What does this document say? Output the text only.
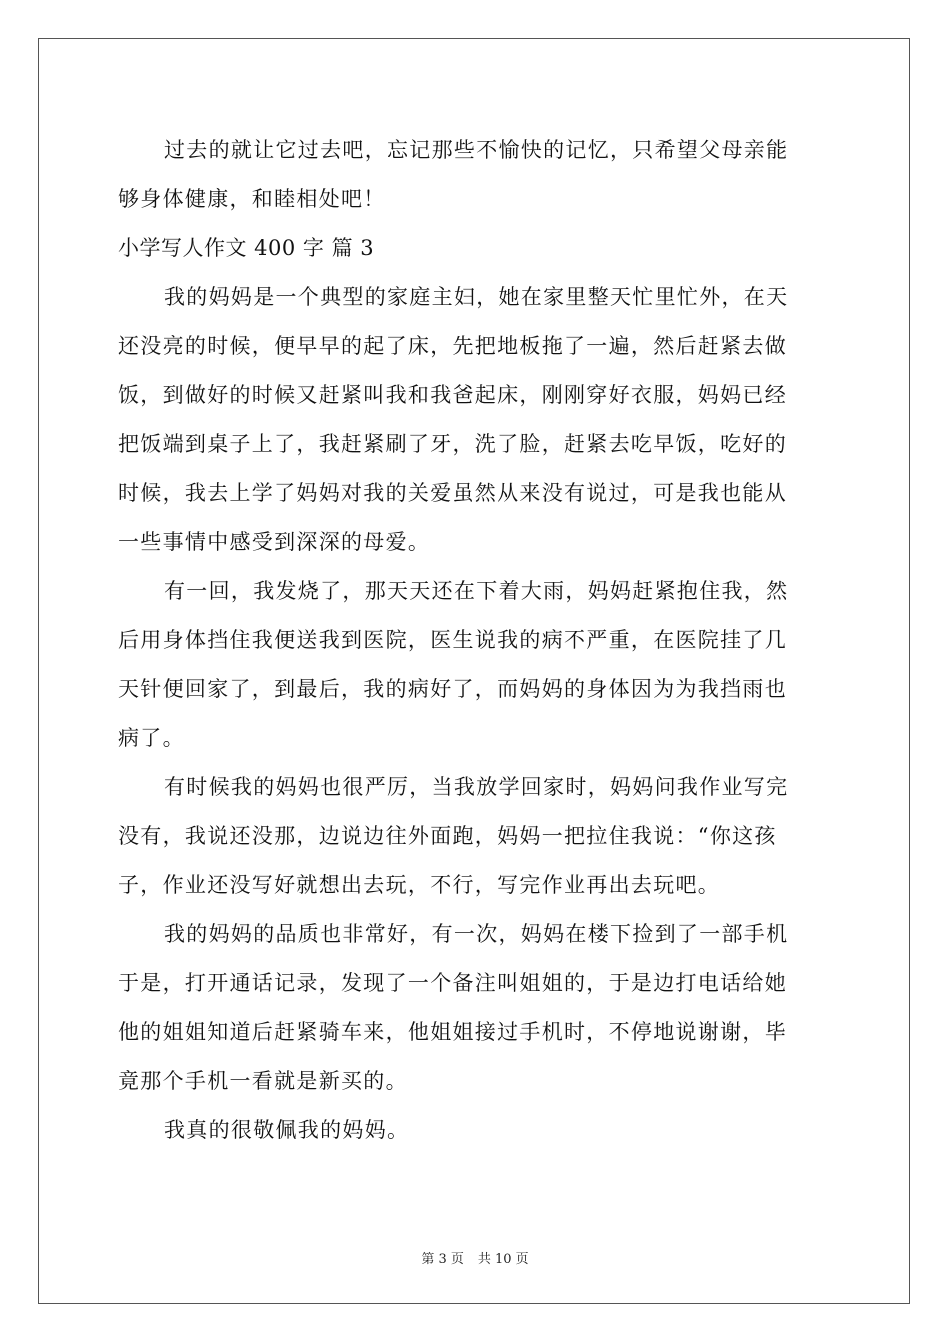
过去的就让它过去吧，忘记那些不愉快的记忆，只希望父母亲能
够身体健康，和睦相处吧！
小学写人作文 400 字 篇 3
我的妈妈是一个典型的家庭主妇，她在家里整天忙里忙外，在天
还没亮的时候，便早早的起了床，先把地板拖了一遍，然后赶紧去做
饭，到做好的时候又赶紧叫我和我爸起床，刚刚穿好衣服，妈妈已经
把饭端到桌子上了，我赶紧刷了牙，洗了脸，赶紧去吃早饭，吃好的
时候，我去上学了妈妈对我的关爱虽然从来没有说过，可是我也能从
一些事情中感受到深深的母爱。
有一回，我发烧了，那天天还在下着大雨，妈妈赶紧抱住我，然
后用身体挡住我便送我到医院，医生说我的病不严重，在医院挂了几
天针便回家了，到最后，我的病好了，而妈妈的身体因为为我挡雨也
病了。
有时候我的妈妈也很严厉，当我放学回家时，妈妈问我作业写完
没有，我说还没那，边说边往外面跑，妈妈一把拉住我说：“你这孩
子，作业还没写好就想出去玩，不行，写完作业再出去玩吧。
我的妈妈的品质也非常好，有一次，妈妈在楼下捡到了一部手机
于是，打开通话记录，发现了一个备注叫姐姐的，于是边打电话给她
他的姐姐知道后赶紧骑车来，他姐姐接过手机时，不停地说谢谢，毕
竟那个手机一看就是新买的。
我真的很敬佩我的妈妈。
第 3 页 共 10 页
